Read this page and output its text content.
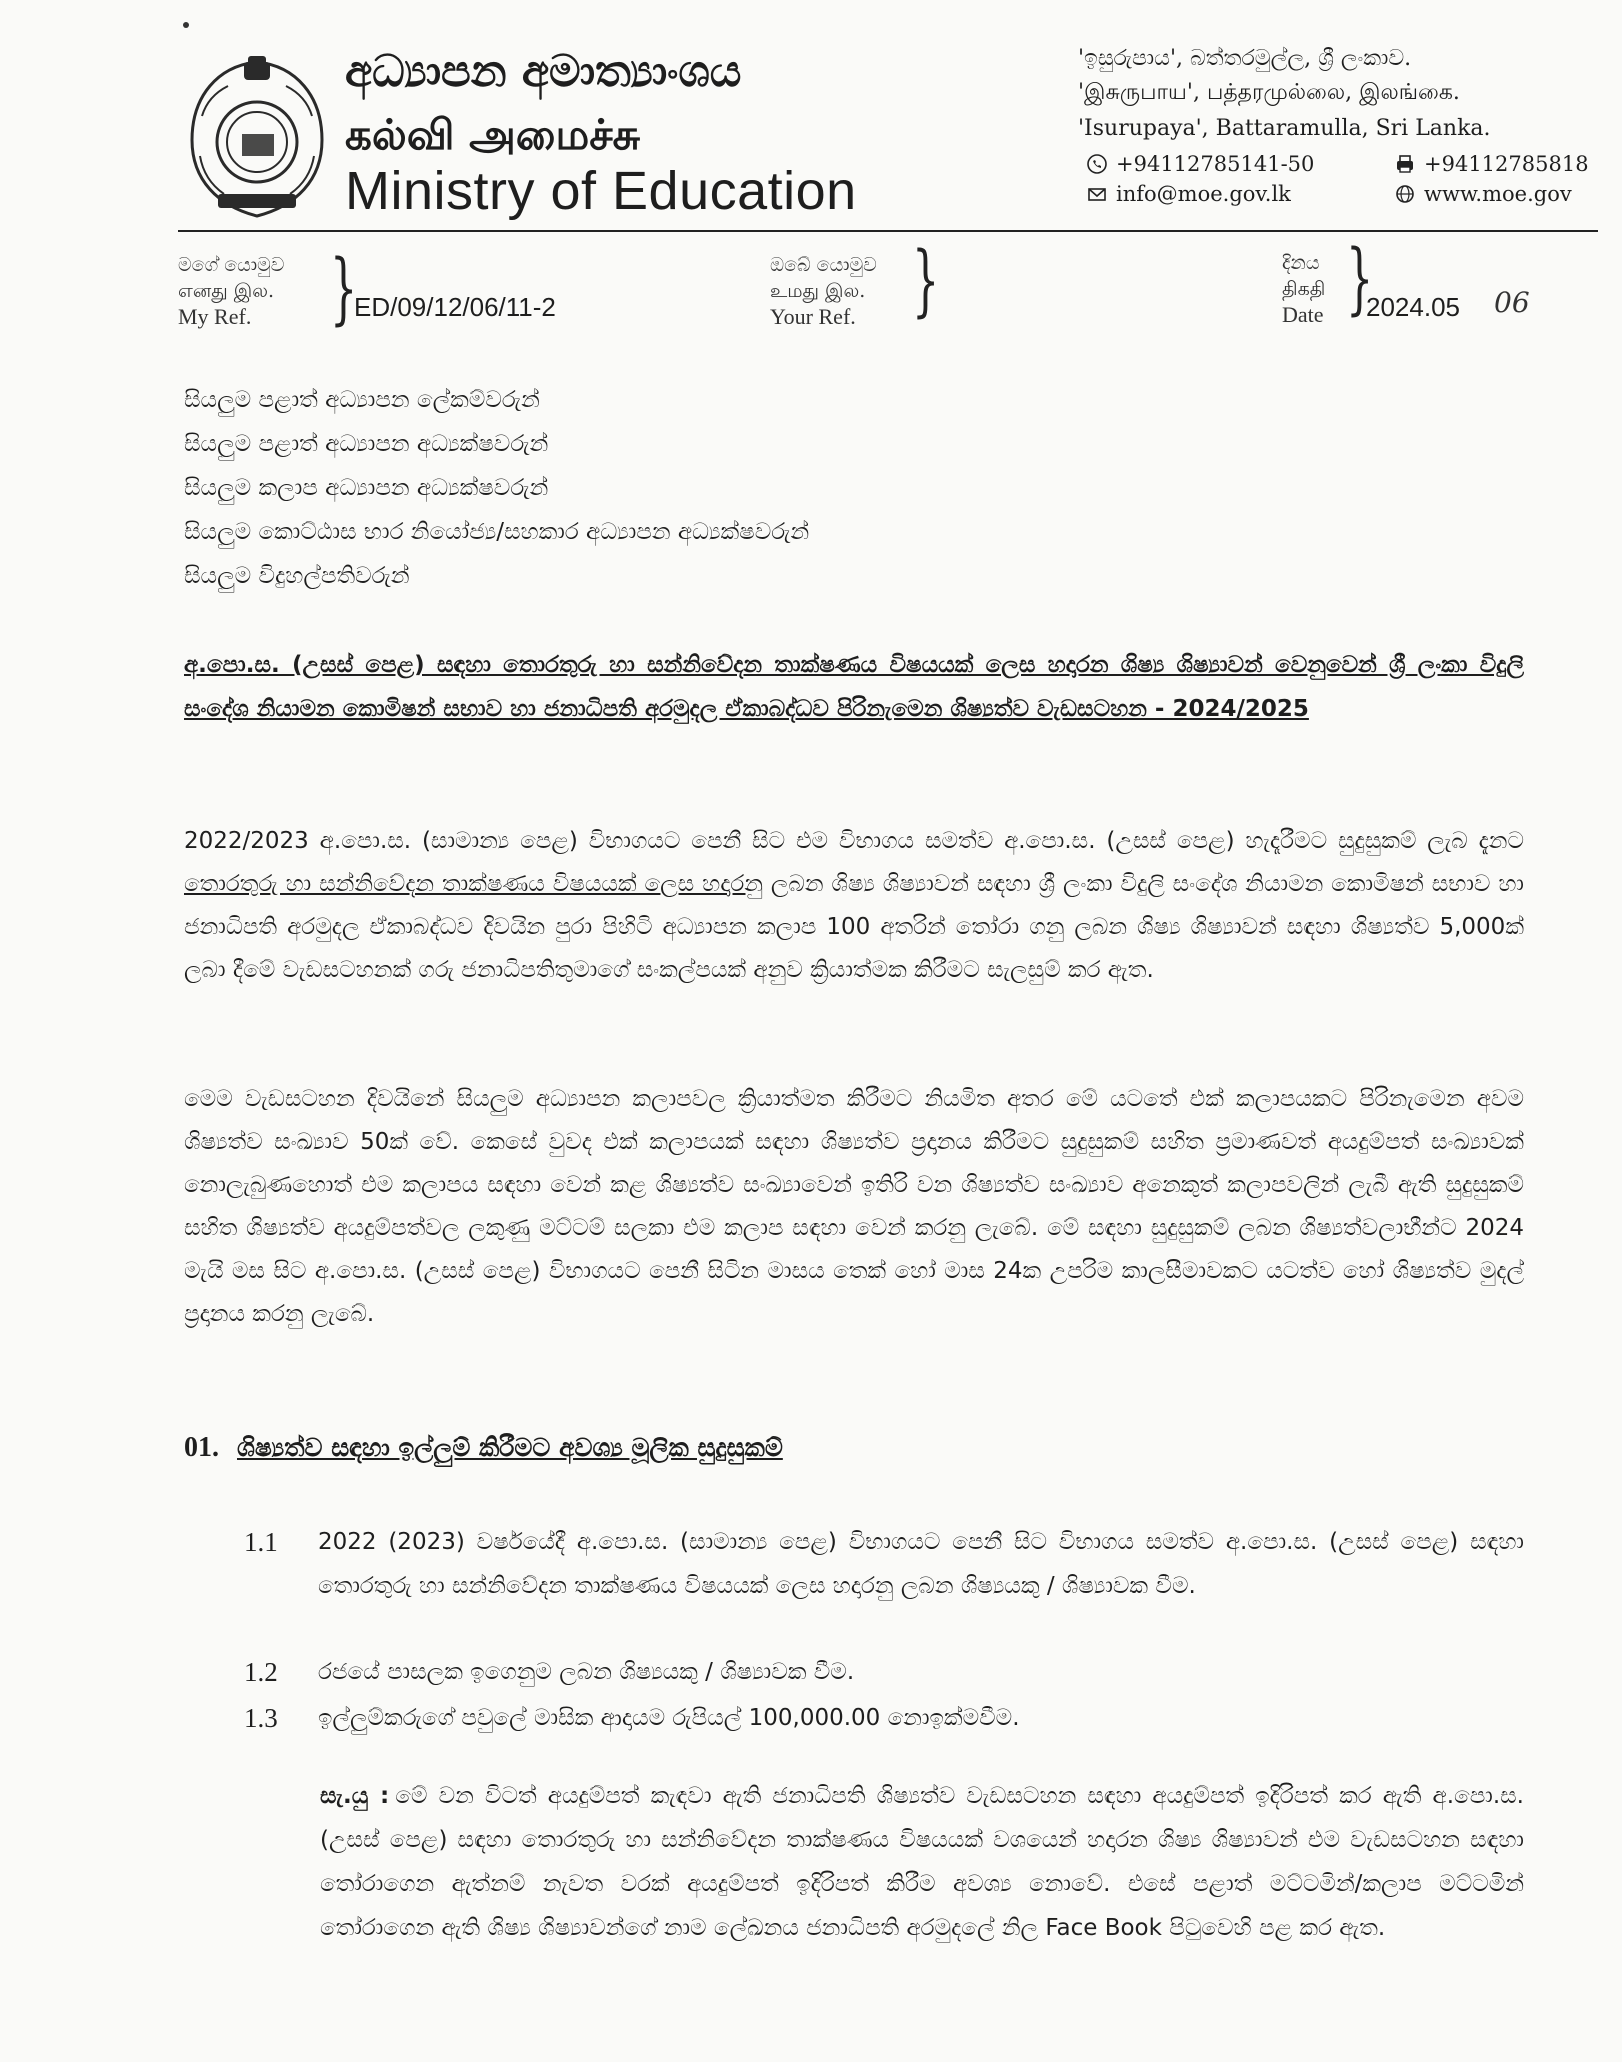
අධ්‍යාපන අමාත්‍යාංශය
கல்வி அமைச்சு
Ministry of Education
'ඉසුරුපාය', බත්තරමුල්ල, ශ්‍රී ලංකාව.
'இசுருபாய', பத்தரமுல்லை, இலங்கை.
'Isurupaya', Battaramulla, Sri Lanka.
+94112785141-50	+94112785818
info@moe.gov.lk	www.moe.gov
මගේ යොමුව
எனது இல.
My Ref.	}
ED/09/12/06/11-2
ඔබේ යොමුව
உமது இல.
Your Ref. }	දිනය
திகதி
Date }
2024.05 06
සියලුම පළාත් අධ්‍යාපන ලේකම්වරුන්
සියලුම පළාත් අධ්‍යාපන අධ්‍යක්ෂවරුන්
සියලුම කලාප අධ්‍යාපන අධ්‍යක්ෂවරුන්
සියලුම කොට්ඨාස භාර නියෝජ්‍ය/සහකාර අධ්‍යාපන අධ්‍යක්ෂවරුන්
සියලුම විදුහල්පතිවරුන්
අ.පො.ස. (උසස් පෙළ) සඳහා තොරතුරු හා සන්නිවේදන තාක්ෂණය විෂයයක් ලෙස හදාරන ශිෂ්‍ය ශිෂ්‍යාවන් වෙනුවෙන් ශ්‍රී ලංකා විදුලි සංදේශ නියාමන කොමිෂන් සභාව හා ජනාධිපති අරමුදල ඒකාබද්ධව පිරිනැමෙන ශිෂ්‍යත්ව වැඩසටහන - 2024/2025
2022/2023 අ.පො.ස. (සාමාන්‍ය පෙළ) විභාගයට පෙනී සිට එම විභාගය සමත්ව අ.පො.ස. (උසස් පෙළ) හැදෑරීමට සුදුසුකම් ලැබ දැනට තොරතුරු හා සන්නිවේදන තාක්ෂණය විෂයයක් ලෙස හදාරනු ලබන ශිෂ්‍ය ශිෂ්‍යාවන් සඳහා ශ්‍රී ලංකා විදුලි සංදේශ නියාමන කොමිෂන් සභාව හා ජනාධිපති අරමුදල ඒකාබද්ධව දිවයින පුරා පිහිටි අධ්‍යාපන කලාප 100 අතරින් තෝරා ගනු ලබන ශිෂ්‍ය ශිෂ්‍යාවන් සඳහා ශිෂ්‍යත්ව 5,000ක් ලබා දීමේ වැඩසටහනක් ගරු ජනාධිපතිතුමාගේ සංකල්පයක් අනුව ක්‍රියාත්මක කිරීමට සැලසුම් කර ඇත.
මෙම වැඩසටහන දිවයිනේ සියලුම අධ්‍යාපන කලාපවල ක්‍රියාත්මත කිරීමට නියමිත අතර මේ යටතේ එක් කලාපයකට පිරිනැමෙන අවම ශිෂ්‍යත්ව සංඛ්‍යාව 50ක් වේ. කෙසේ වුවද එක් කලාපයක් සඳහා ශිෂ්‍යත්ව ප්‍රදානය කිරීමට සුදුසුකම් සහිත ප්‍රමාණවත් අයදුම්පත් සංඛ්‍යාවක් නොලැබුණහොත් එම කලාපය සඳහා වෙන් කළ ශිෂ්‍යත්ව සංඛ්‍යාවෙන් ඉතිරි වන ශිෂ්‍යත්ව සංඛ්‍යාව අනෙකුත් කලාපවලින් ලැබී ඇති සුදුසුකම් සහිත ශිෂ්‍යත්ව අයදුම්පත්වල ලකුණු මට්ටම් සලකා එම කලාප සඳහා වෙන් කරනු ලැබේ. මේ සඳහා සුදුසුකම් ලබන ශිෂ්‍යත්වලාභීන්ට 2024 මැයි මස සිට අ.පො.ස. (උසස් පෙළ) විභාගයට පෙනී සිටින මාසය තෙක් හෝ මාස 24ක උපරිම කාලසීමාවකට යටත්ව හෝ ශිෂ්‍යත්ව මුදල් ප්‍රදානය කරනු ලැබේ.
01. ශිෂ්‍යත්ව සඳහා ඉල්ලුම් කිරීමට අවශ්‍ය මූලික සුදුසුකම්
1.1	2022 (2023) වර්ෂයේදී අ.පො.ස. (සාමාන්‍ය පෙළ) විභාගයට පෙනී සිට විභාගය සමත්ව අ.පො.ස. (උසස් පෙළ) සඳහා තොරතුරු හා සන්නිවේදන තාක්ෂණය විෂයයක් ලෙස හදාරනු ලබන ශිෂ්‍යයකු / ශිෂ්‍යාවක වීම.
1.2	රජයේ පාසලක ඉගෙනුම ලබන ශිෂ්‍යයකු / ශිෂ්‍යාවක වීම.
1.3	ඉල්ලුම්කරුගේ පවුලේ මාසික ආදායම රුපියල් 100,000.00 නොඉක්මවීම.
සැ.යු : මේ වන විටත් අයදුම්පත් කැඳවා ඇති ජනාධිපති ශිෂ්‍යත්ව වැඩසටහන සඳහා අයදුම්පත් ඉදිරිපත් කර ඇති අ.පො.ස. (උසස් පෙළ) සඳහා තොරතුරු හා සන්නිවේදන තාක්ෂණය විෂයයක් වශයෙන් හදාරන ශිෂ්‍ය ශිෂ්‍යාවන් එම වැඩසටහන සඳහා තෝරාගෙන ඇත්නම් නැවත වරක් අයදුම්පත් ඉදිරිපත් කිරීම අවශ්‍ය නොවේ. එසේ පළාත් මට්ටමින්/කලාප මට්ටමින් තෝරාගෙන ඇති ශිෂ්‍ය ශිෂ්‍යාවන්ගේ නාම ලේඛනය ජනාධිපති අරමුදලේ නිල Face Book පිටුවෙහි පළ කර ඇත.
